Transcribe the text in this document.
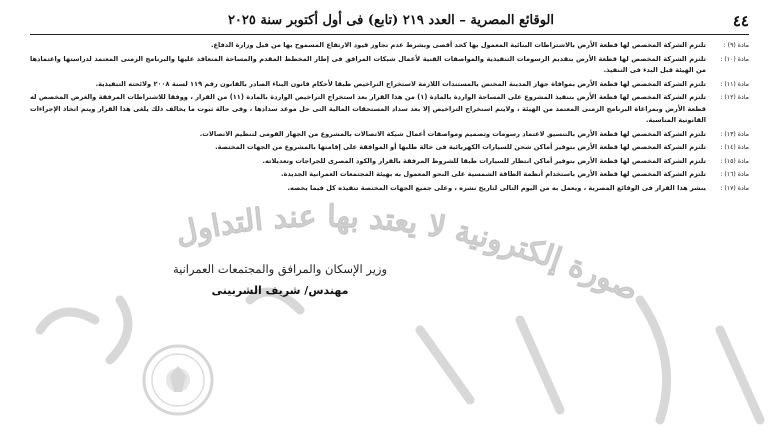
صورة إلكترونية لا يعتد بها عند التداول
٤٤
الوقائع المصرية – العدد ٢١٩ (تابع) فى أول أكتوبر سنة ٢٠٢٥
مادة (٩) :
تلتزم الشركة المخصص لها قطعة الأرض بالاشتراطات البنائية المعمول بها كحد أقصى وبشرط عدم تجاوز قيود الارتفاع المسموح بها من قبل وزارة الدفاع.
مادة (١٠) :
تلتزم الشركة المخصص لها قطعة الأرض بتقديم الرسومات التنفيذية والمواصفات الفنية لأعمال شبكات المرافق فى إطار المخطط المقدم والمساحة المتعاقد عليها والبرنامج الزمنى المعتمد لدراستها واعتمادها من الهيئة قبل البدء فى التنفيذ.
مادة (١١) :
تلتزم الشركة المخصص لها قطعة الأرض بموافاة جهاز المدينة المختص بالمستندات اللازمة لاستخراج التراخيص طبقا لأحكام قانون البناء الصادر بالقانون رقم ١١٩ لسنة ٢٠٠٨ ولائحته التنفيذية.
مادة (١٢) :
تلتزم الشركة المخصص لها قطعة الأرض بتنفيذ المشروع على المساحة الواردة بالمادة (١) من هذا القرار بعد استخراج التراخيص الواردة بالمادة (١١) من القرار ، ووفقا للاشتراطات المرفقة والغرض المخصص له قطعة الأرض وبمراعاة البرنامج الزمنى المعتمد من الهيئة ، ولايتم استخراج التراخيص إلا بعد سداد المستحقات المالية التى حل موعد سدادها ، وفى حالة ثبوت ما يخالف ذلك يلغى هذا القرار ويتم اتخاذ الإجراءات القانونية المناسبة.
مادة (١٣) :
تلتزم الشركة المخصص لها قطعة الأرض بالتنسيق لاعتماد رسومات وتصميم ومواصفات أعمال شبكة الاتصالات بالمشروع من الجهاز القومى لتنظيم الاتصالات.
مادة (١٤) :
تلتزم الشركة المخصص لها قطعة الأرض بتوفير أماكن شحن للسيارات الكهربائية فى حالة طلبها أو الموافقة على إقامتها بالمشروع من الجهات المختصة.
مادة (١٥) :
تلتزم الشركة المخصص لها قطعة الأرض بتوفير أماكن انتظار للسيارات طبقا للشروط المرفقة بالقرار والكود المصرى للجراجات وتعديلاته.
مادة (١٦) :
تلتزم الشركة المخصص لها قطعة الأرض باستخدام أنظمة الطاقة الشمسية على النحو المعمول به بهيئة المجتمعات العمرانية الجديدة.
مادة (١٧) :
ينشر هذا القرار فى الوقائع المصرية ، ويعمل به من اليوم التالى لتاريخ نشره ، وعلى جميع الجهات المختصة تنفيذه كل فيما يخصه.
وزير الإسكان والمرافق والمجتمعات العمرانية
مهندس/ شريف الشربينى
